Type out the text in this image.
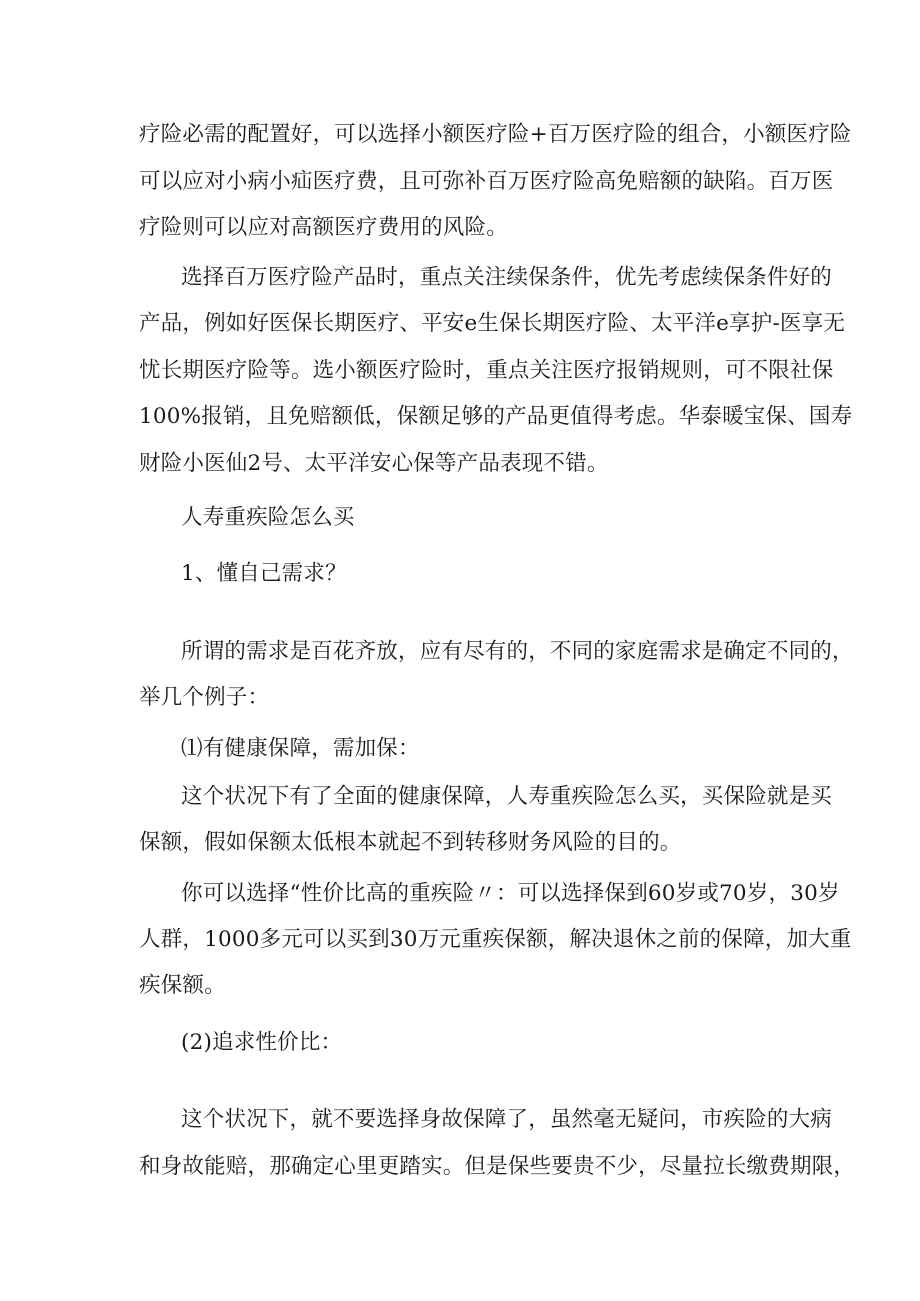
疗险必需的配置好，可以选择小额医疗险+百万医疗险的组合，小额医疗险
可以应对小病小疝医疗费，且可弥补百万医疗险高免赔额的缺陷。百万医
疗险则可以应对高额医疗费用的风险。
选择百万医疗险产品时，重点关注续保条件，优先考虑续保条件好的
产品，例如好医保长期医疗、平安e生保长期医疗险、太平洋e享护-医享无
忧长期医疗险等。选小额医疗险时，重点关注医疗报销规则，可不限社保
100%报销，且免赔额低，保额足够的产品更值得考虑。华泰暖宝保、国寿
财险小医仙2号、太平洋安心保等产品表现不错。
人寿重疾险怎么买
1、懂自己需求？
所谓的需求是百花齐放，应有尽有的，不同的家庭需求是确定不同的，
举几个例子：
⑴有健康保障，需加保：
这个状况下有了全面的健康保障，人寿重疾险怎么买，买保险就是买
保额，假如保额太低根本就起不到转移财务风险的目的。
你可以选择“性价比高的重疾险〃：可以选择保到60岁或70岁，30岁
人群，1000多元可以买到30万元重疾保额，解决退休之前的保障，加大重
疾保额。
(2)追求性价比：
这个状况下，就不要选择身故保障了，虽然毫无疑问，市疾险的大病
和身故能赔，那确定心里更踏实。但是保些要贵不少，尽量拉长缴费期限，
